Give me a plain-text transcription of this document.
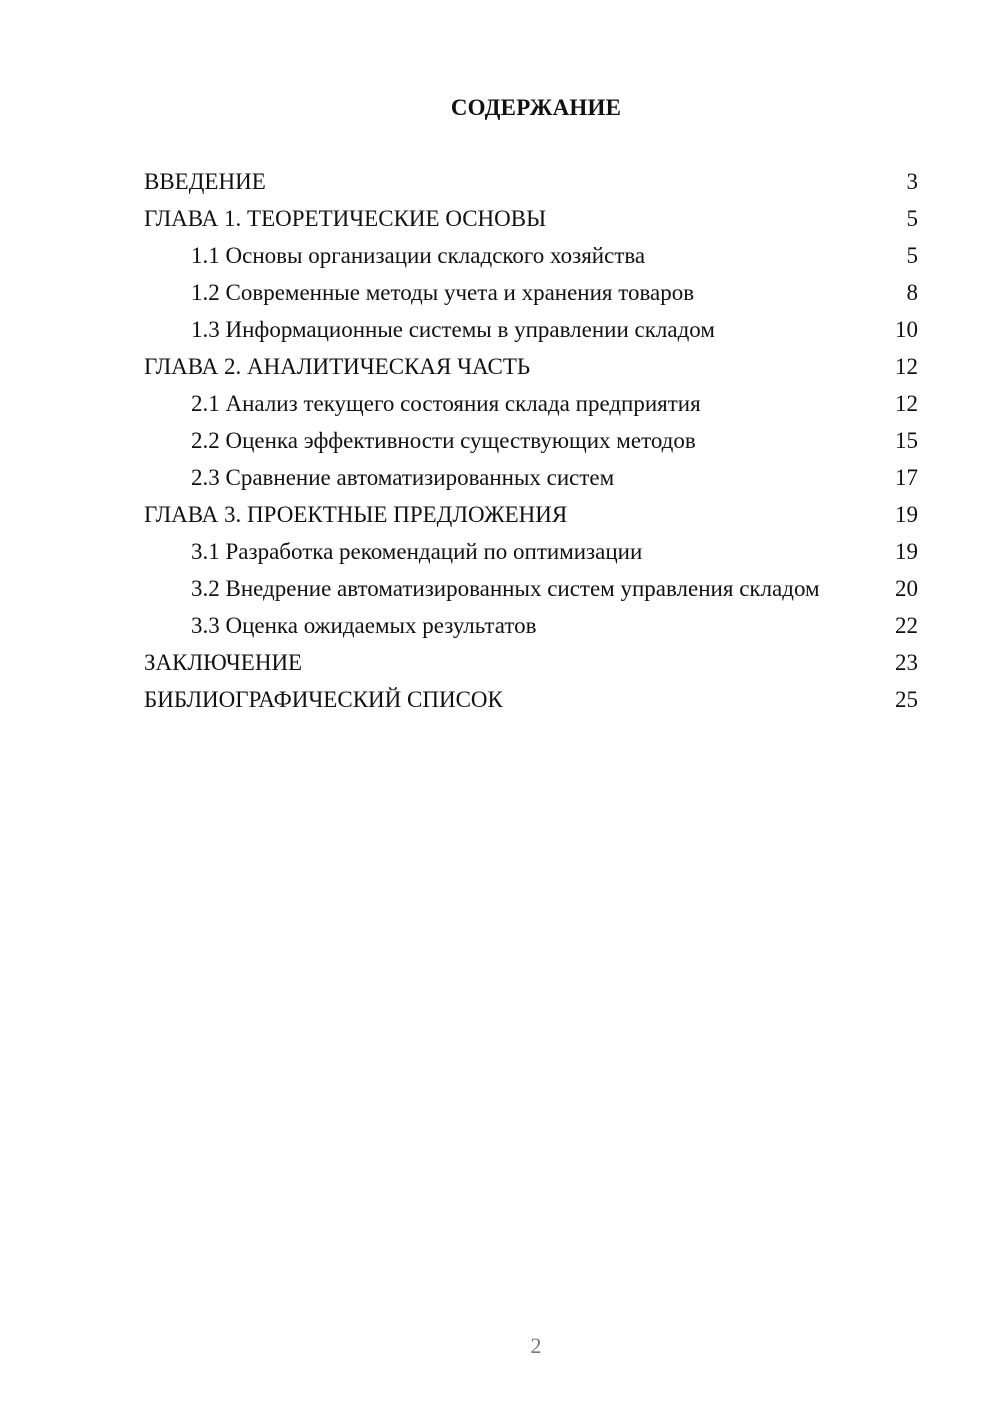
СОДЕРЖАНИЕ
ВВЕДЕНИЕ	3
ГЛАВА 1. ТЕОРЕТИЧЕСКИЕ ОСНОВЫ	5
1.1 Основы организации складского хозяйства	5
1.2 Современные методы учета и хранения товаров	8
1.3 Информационные системы в управлении складом	10
ГЛАВА 2. АНАЛИТИЧЕСКАЯ ЧАСТЬ	12
2.1 Анализ текущего состояния склада предприятия	12
2.2 Оценка эффективности существующих методов	15
2.3 Сравнение автоматизированных систем	17
ГЛАВА 3. ПРОЕКТНЫЕ ПРЕДЛОЖЕНИЯ	19
3.1 Разработка рекомендаций по оптимизации	19
3.2 Внедрение автоматизированных систем управления складом	20
3.3 Оценка ожидаемых результатов	22
ЗАКЛЮЧЕНИЕ	23
БИБЛИОГРАФИЧЕСКИЙ СПИСОК	25
2
